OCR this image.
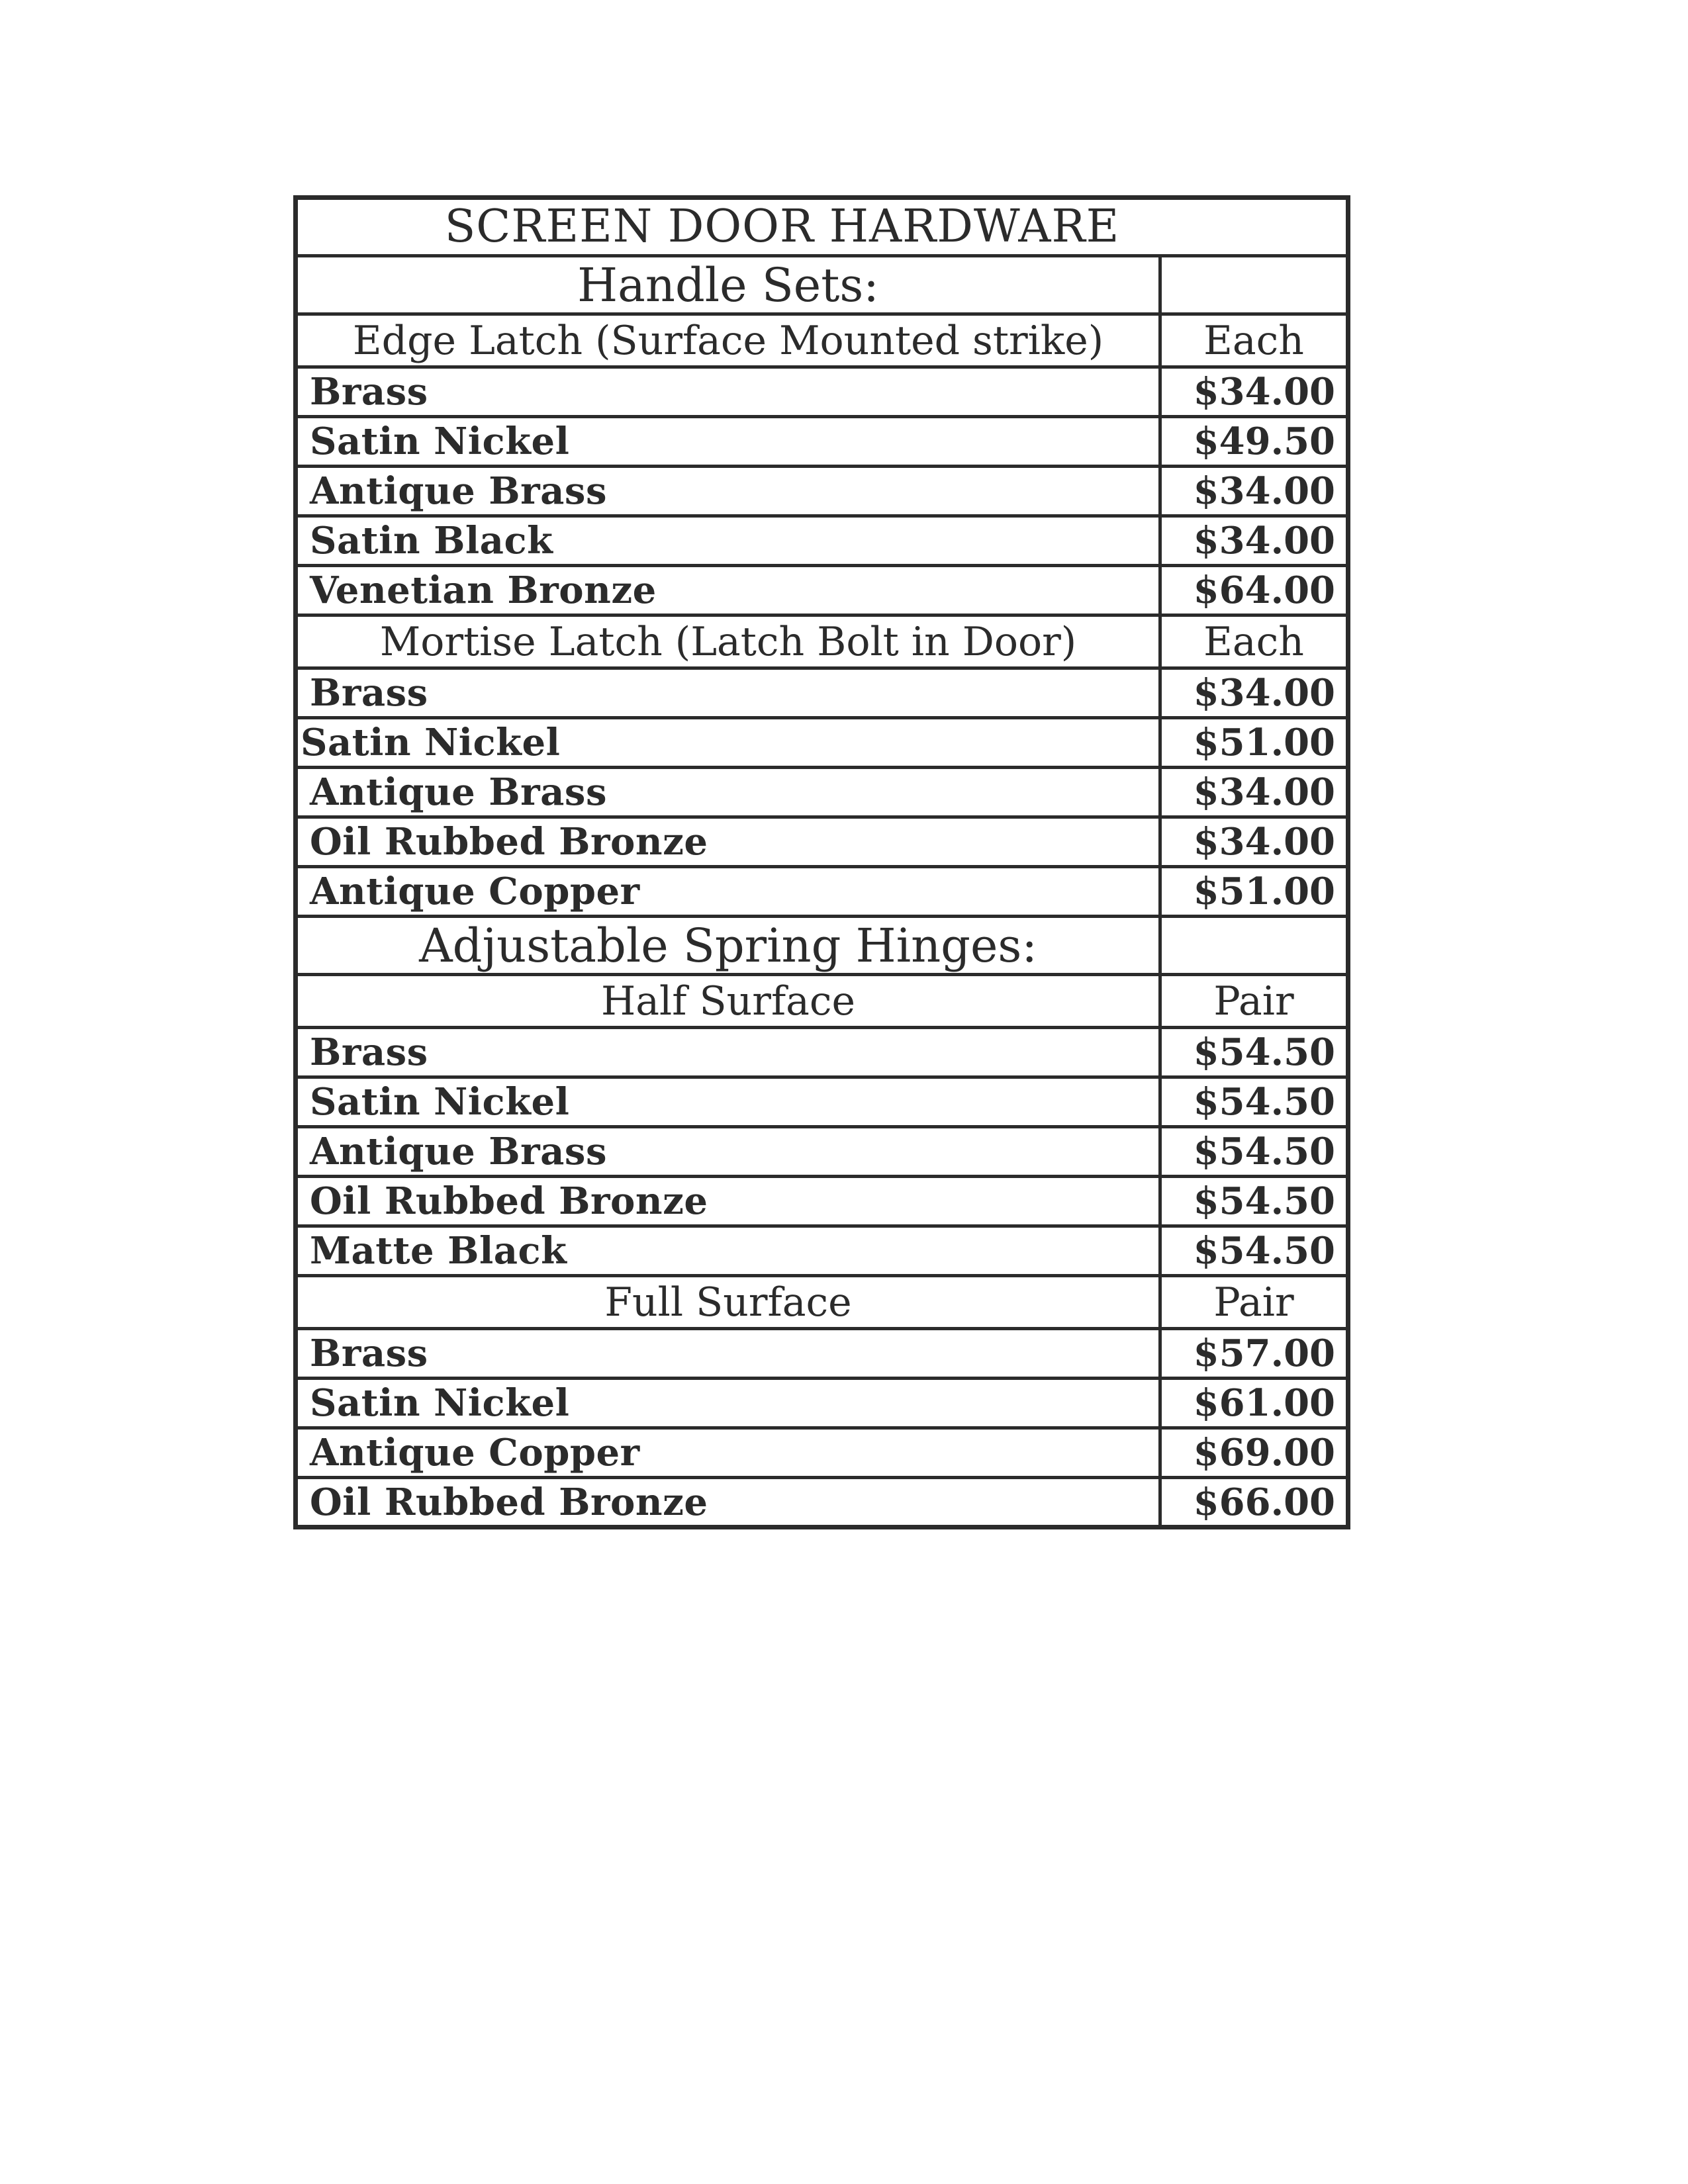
SCREEN DOOR HARDWARE	
Handle Sets:	
Edge Latch (Surface Mounted strike)	Each
Brass	$34.00
Satin Nickel	$49.50
Antique Brass	$34.00
Satin Black	$34.00
Venetian Bronze	$64.00
Mortise Latch (Latch Bolt in Door)	Each
Brass	$34.00
Satin Nickel	$51.00
Antique Brass	$34.00
Oil Rubbed Bronze	$34.00
Antique Copper	$51.00
Adjustable Spring Hinges:	
Half Surface	Pair
Brass	$54.50
Satin Nickel	$54.50
Antique Brass	$54.50
Oil Rubbed Bronze	$54.50
Matte Black	$54.50
Full Surface	Pair
Brass	$57.00
Satin Nickel	$61.00
Antique Copper	$69.00
Oil Rubbed Bronze	$66.00
